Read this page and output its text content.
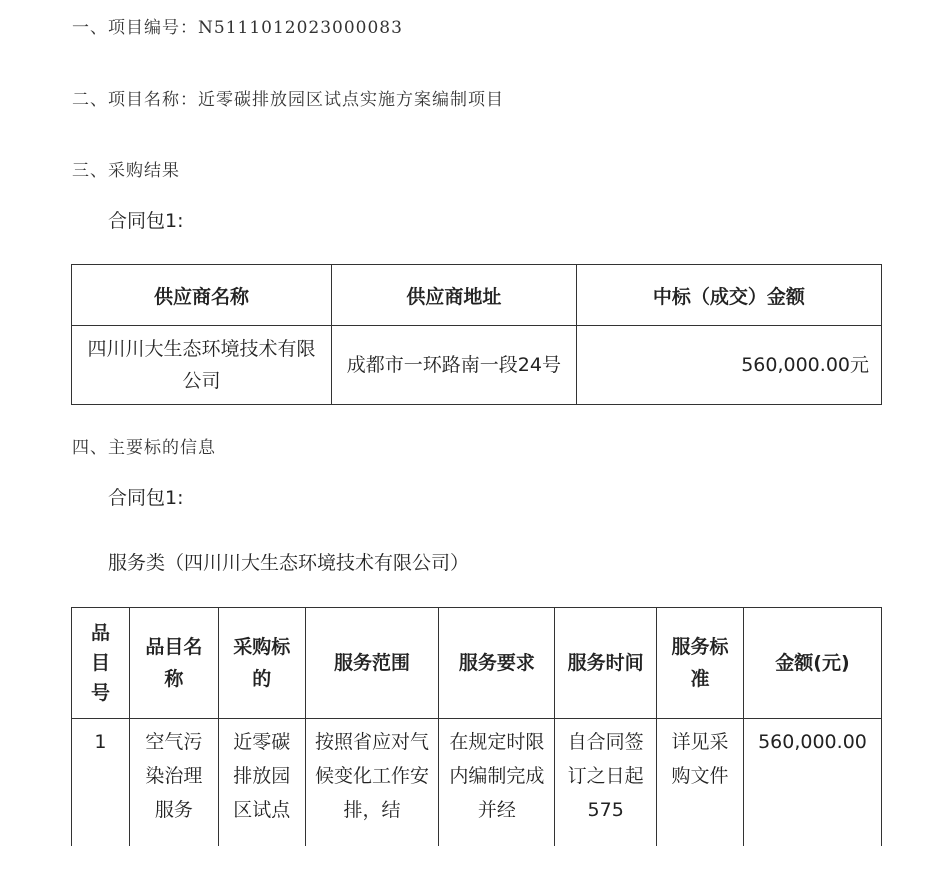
一、项目编号：N5111012023000083
二、项目名称：近零碳排放园区试点实施方案编制项目
三、采购结果
合同包1:
供应商名称	供应商地址	中标（成交）金额

四川川大生态环境技术有限公司	成都市一环路南一段24号	560,000.00元
四、主要标的信息
合同包1:
服务类（四川川大生态环境技术有限公司）
品目号	品目名称	采购标的	服务范围	服务要求	服务时间	服务标准	金额(元)
1	空气污染治理服务	近零碳排放园区试点	按照省应对气候变化工作安排，结	在规定时限内编制完成并经	自合同签订之日起575	详见采购文件	560,000.00
